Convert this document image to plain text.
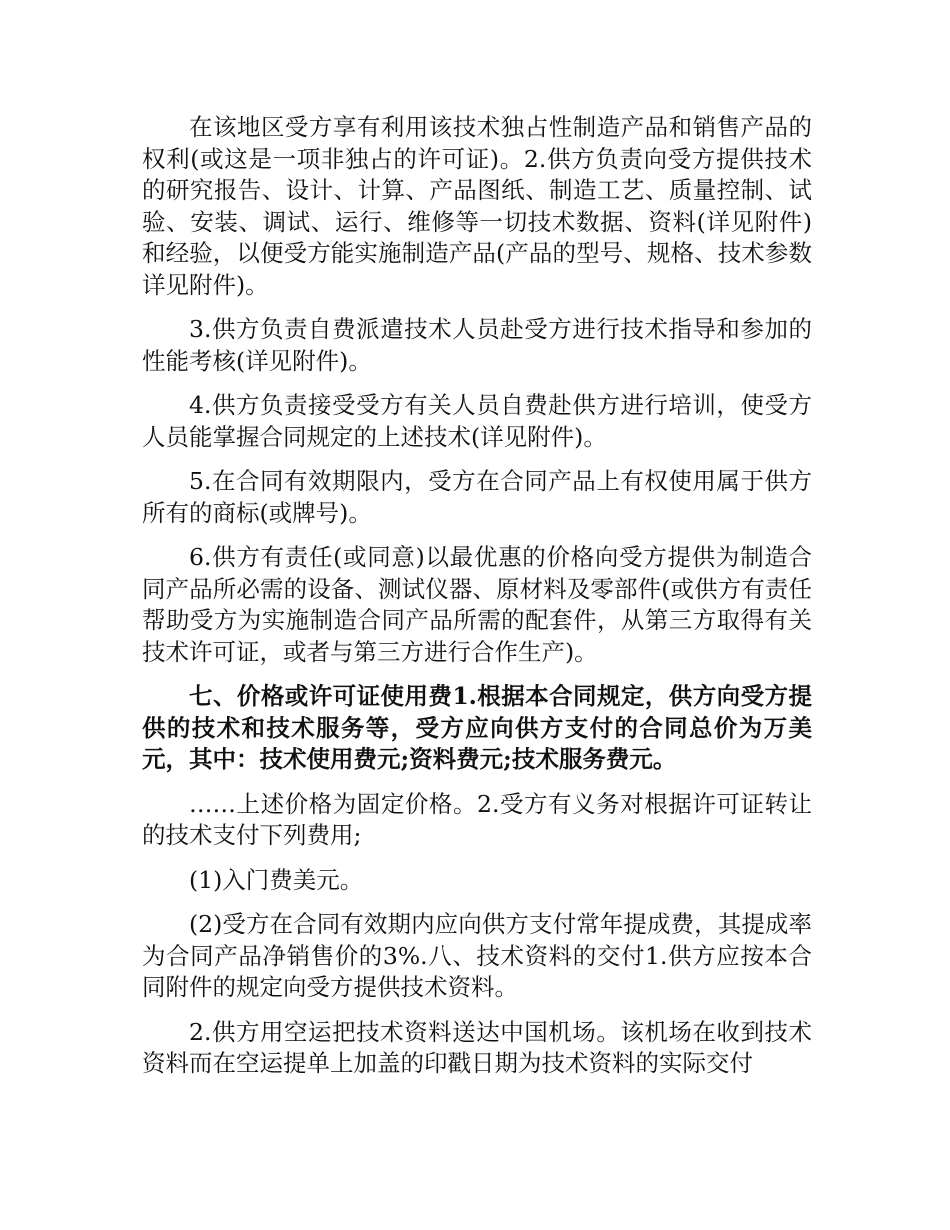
在该地区受方享有利用该技术独占性制造产品和销售产品的权利(或这是一项非独占的许可证)。2.供方负责向受方提供技术的研究报告、设计、计算、产品图纸、制造工艺、质量控制、试验、安装、调试、运行、维修等一切技术数据、资料(详见附件)和经验，以便受方能实施制造产品(产品的型号、规格、技术参数详见附件)。

3.供方负责自费派遣技术人员赴受方进行技术指导和参加的性能考核(详见附件)。

4.供方负责接受受方有关人员自费赴供方进行培训，使受方人员能掌握合同规定的上述技术(详见附件)。

5.在合同有效期限内，受方在合同产品上有权使用属于供方所有的商标(或牌号)。

6.供方有责任(或同意)以最优惠的价格向受方提供为制造合同产品所必需的设备、测试仪器、原材料及零部件(或供方有责任帮助受方为实施制造合同产品所需的配套件，从第三方取得有关技术许可证，或者与第三方进行合作生产)。

七、价格或许可证使用费1.根据本合同规定，供方向受方提供的技术和技术服务等，受方应向供方支付的合同总价为万美元，其中：技术使用费元;资料费元;技术服务费元。

……上述价格为固定价格。2.受方有义务对根据许可证转让的技术支付下列费用;

(1)入门费美元。

(2)受方在合同有效期内应向供方支付常年提成费，其提成率为合同产品净销售价的3%.八、技术资料的交付1.供方应按本合同附件的规定向受方提供技术资料。

2.供方用空运把技术资料送达中国机场。该机场在收到技术资料而在空运提单上加盖的印戳日期为技术资料的实际交付
